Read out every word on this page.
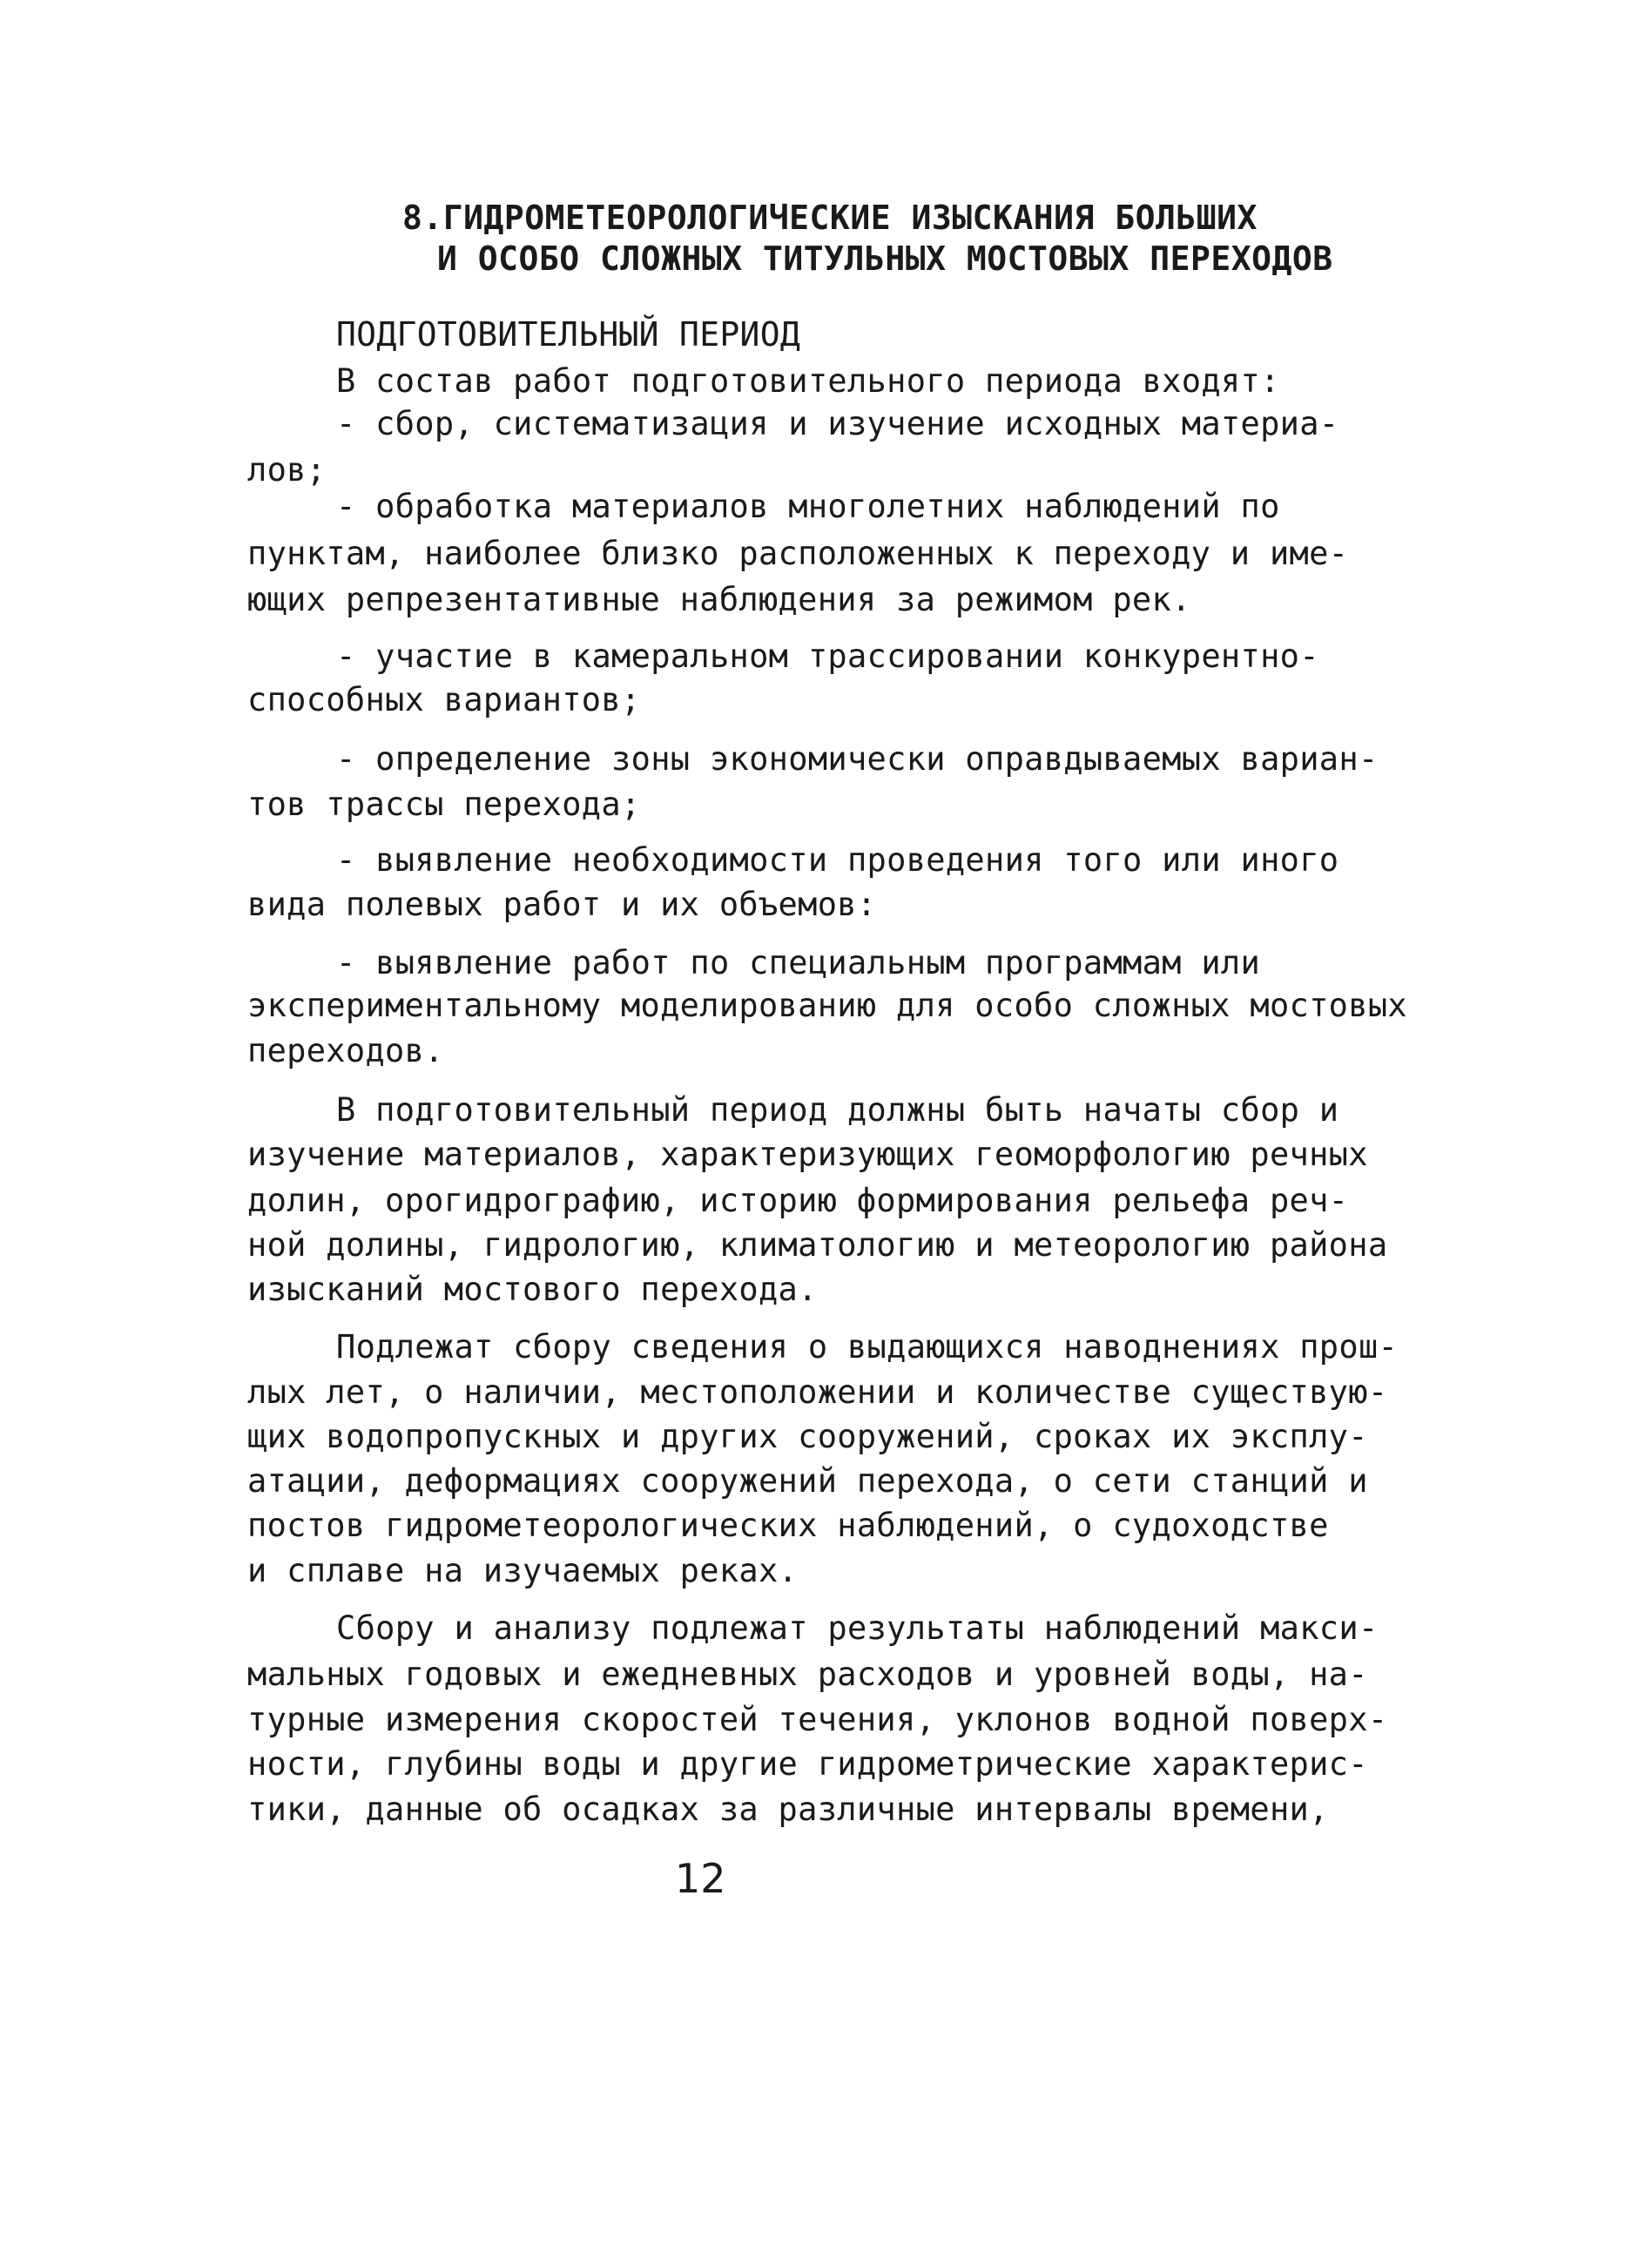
8.ГИДРОМЕТЕОРОЛОГИЧЕСКИЕ ИЗЫСКАНИЯ БОЛЬШИХ
И ОСОБО СЛОЖНЫХ ТИТУЛЬНЫХ МОСТОВЫХ ПЕРЕХОДОВ
ПОДГОТОВИТЕЛЬНЫЙ ПЕРИОД
В состав работ подготовительного периода входят:
- сбор, систематизация и изучение исходных материа-
лов;
- обработка материалов многолетних наблюдений по
пунктам, наиболее близко расположенных к переходу и име-
ющих репрезентативные наблюдения за режимом рек.
- участие в камеральном трассировании конкурентно-
способных вариантов;
- определение зоны экономически оправдываемых вариан-
тов трассы перехода;
- выявление необходимости проведения того или иного
вида полевых работ и их объемов:
- выявление работ по специальным программам или
экспериментальному моделированию для особо сложных мостовых
переходов.
В подготовительный период должны быть начаты сбор и
изучение материалов, характеризующих геоморфологию речных
долин, орогидрографию, историю формирования рельефа реч-
ной долины, гидрологию, климатологию и метеорологию района
изысканий мостового перехода.
Подлежат сбору сведения о выдающихся наводнениях прош-
лых лет, о наличии, местоположении и количестве существую-
щих водопропускных и других сооружений, сроках их эксплу-
атации, деформациях сооружений перехода, о сети станций и
постов гидрометеорологических наблюдений, о судоходстве
и сплаве на изучаемых реках.
Сбору и анализу подлежат результаты наблюдений макси-
мальных годовых и ежедневных расходов и уровней воды, на-
турные измерения скоростей течения, уклонов водной поверх-
ности, глубины воды и другие гидрометрические характерис-
тики, данные об осадках за различные интервалы времени,
12
